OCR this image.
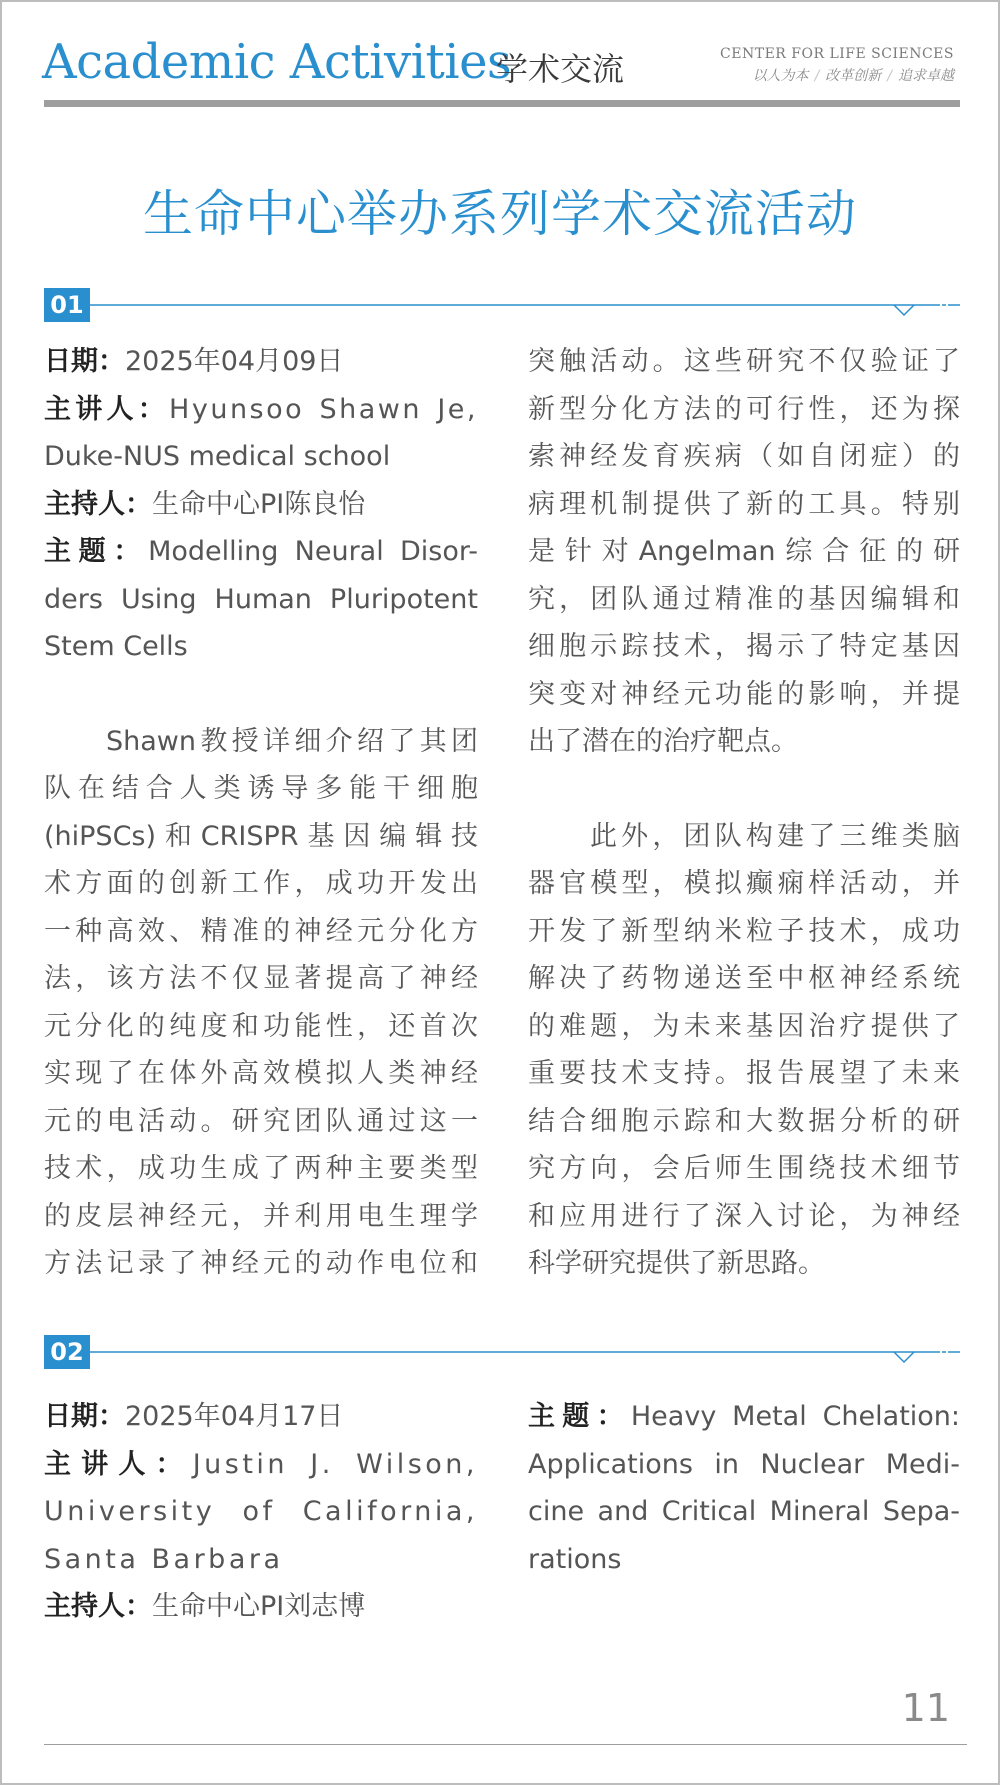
Academic Activities
学术交流	CENTER FOR LIFE SCIENCES
以人为本 / 改革创新 / 追求卓越
生命中心举办系列学术交流活动
01

日期：2025年04月09日

主讲人：Hyunsoo Shawn Je,

Duke-NUS medical school

主持人：生命中心PI陈良怡

主题：Modelling Neural Disor-

ders Using Human Pluripotent

Stem Cells

Shawn教授详细介绍了其团

队在结合人类诱导多能干细胞

(hiPSCs)和CRISPR基因编辑技

术方面的创新工作，成功开发出

一种高效、精准的神经元分化方

法，该方法不仅显著提高了神经

元分化的纯度和功能性，还首次

实现了在体外高效模拟人类神经

元的电活动。研究团队通过这一

技术，成功生成了两种主要类型

的皮层神经元，并利用电生理学

方法记录了神经元的动作电位和

突触活动。这些研究不仅验证了

新型分化方法的可行性，还为探

索神经发育疾病（如自闭症）的

病理机制提供了新的工具。特别

是针对Angelman综合征的研

究，团队通过精准的基因编辑和

细胞示踪技术，揭示了特定基因

突变对神经元功能的影响，并提

出了潜在的治疗靶点。

此外，团队构建了三维类脑

器官模型，模拟癫痫样活动，并

开发了新型纳米粒子技术，成功

解决了药物递送至中枢神经系统

的难题，为未来基因治疗提供了

重要技术支持。报告展望了未来

结合细胞示踪和大数据分析的研

究方向，会后师生围绕技术细节

和应用进行了深入讨论，为神经

科学研究提供了新思路。

02

日期：2025年04月17日

主讲人：Justin J. Wilson,

University of California,

Santa Barbara

主持人：生命中心PI刘志博

主题：Heavy Metal Chelation:

Applications in Nuclear Medi-

cine and Critical Mineral Sepa-

rations

11
